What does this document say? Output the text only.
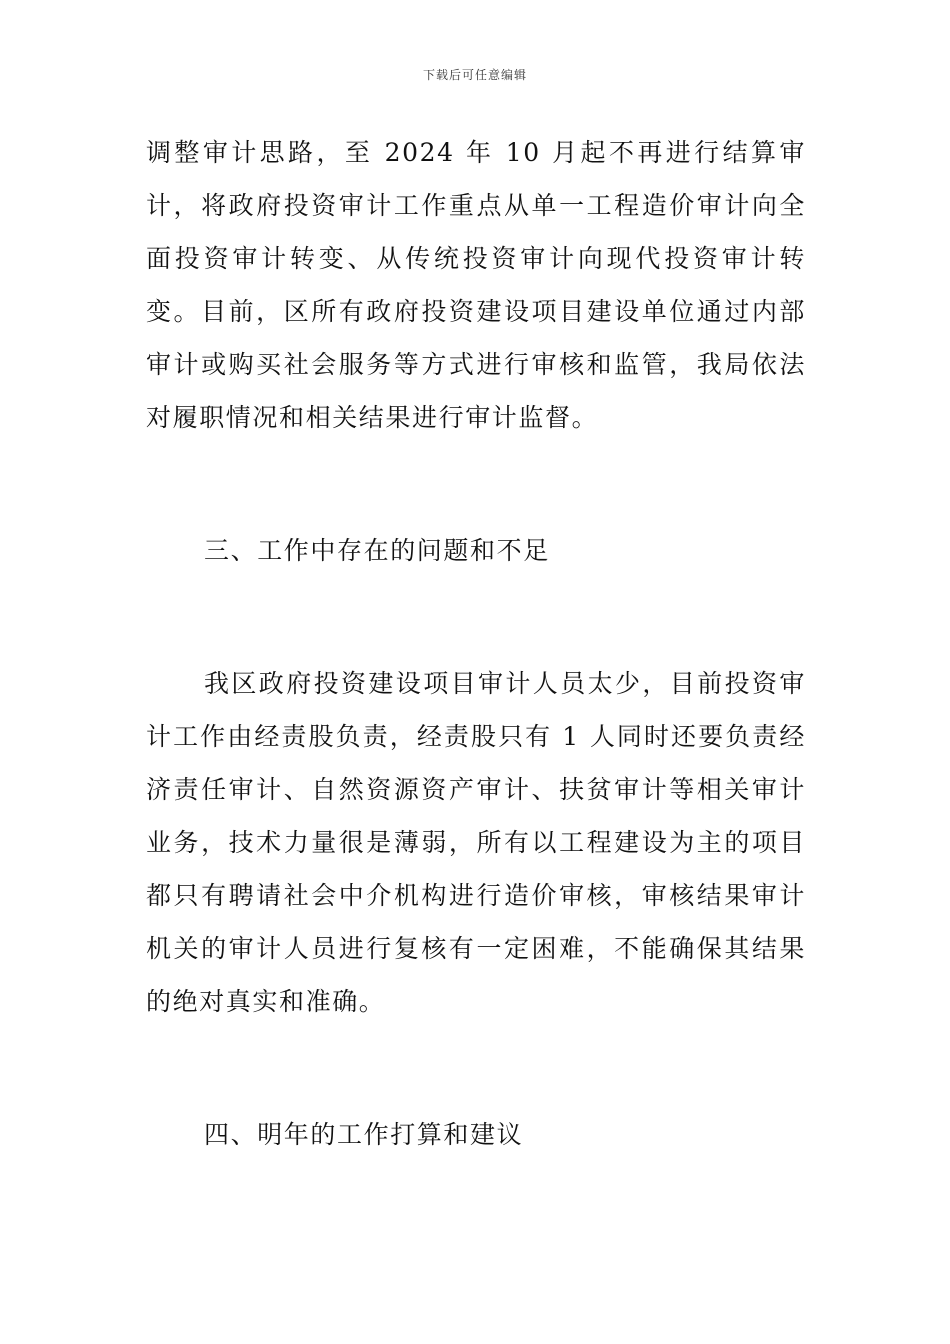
下载后可任意编辑

调整审计思路，至 2024 年 10 月起不再进行结算审计，将政府投资审计工作重点从单一工程造价审计向全面投资审计转变、从传统投资审计向现代投资审计转变。目前，区所有政府投资建设项目建设单位通过内部审计或购买社会服务等方式进行审核和监管，我局依法对履职情况和相关结果进行审计监督。

三、工作中存在的问题和不足

我区政府投资建设项目审计人员太少，目前投资审计工作由经责股负责，经责股只有 1 人同时还要负责经济责任审计、自然资源资产审计、扶贫审计等相关审计业务，技术力量很是薄弱，所有以工程建设为主的项目都只有聘请社会中介机构进行造价审核，审核结果审计机关的审计人员进行复核有一定困难，不能确保其结果的绝对真实和准确。

四、明年的工作打算和建议
